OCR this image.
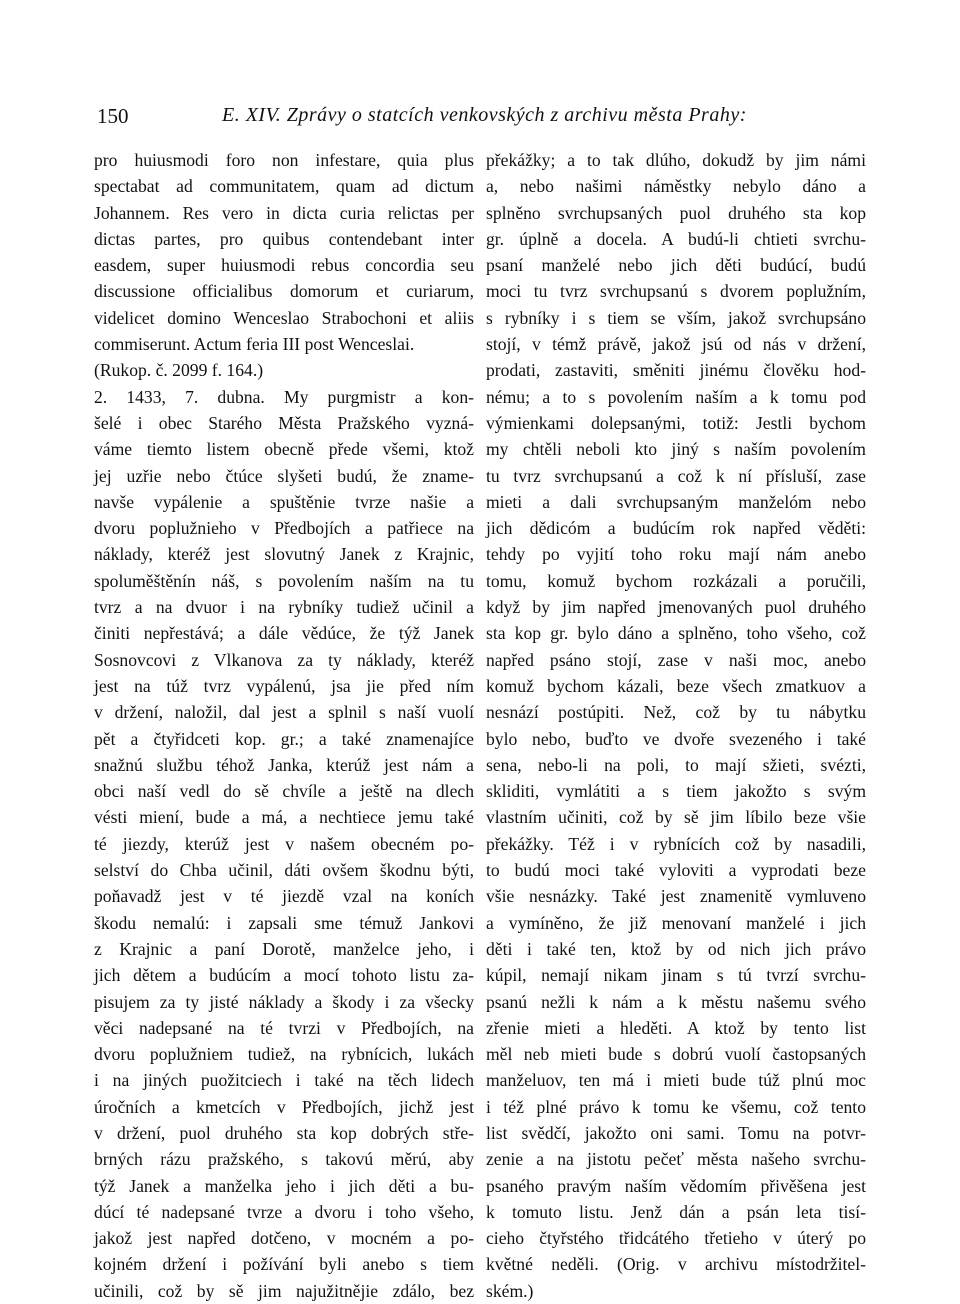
150	E. XIV. Zprávy o statcích venkovských z archivu města Prahy:
pro huiusmodi foro non infestare, quia plus
spectabat ad communitatem, quam ad dictum
Johannem. Res vero in dicta curia relictas per
dictas partes, pro quibus contendebant inter
easdem, super huiusmodi rebus concordia seu
discussione officialibus domorum et curiarum,
videlicet domino Wenceslao Strabochoni et aliis
commiserunt. Actum feria III post Wenceslai.
(Rukop. č. 2099 f. 164.)
2. 1433, 7. dubna. My purgmistr a kon-
šelé i obec Starého Města Pražského vyzná-
váme tiemto listem obecně přede všemi, ktož
jej uzřie nebo čtúce slyšeti budú, že zname-
navše vypálenie a spuštěnie tvrze našie a
dvoru poplužnieho v Předbojích a patřiece na
náklady, kteréž jest slovutný Janek z Krajnic,
spoluměštěnín náš, s povolením naším na tu
tvrz a na dvuor i na rybníky tudiež učinil a
činiti nepřestává; a dále vědúce, že týž Janek
Sosnovcovi z Vlkanova za ty náklady, kteréž
jest na túž tvrz vypálenú, jsa jie před ním
v držení, naložil, dal jest a splnil s naší vuolí
pět a čtyřidceti kop. gr.; a také znamenajíce
snažnú službu téhož Janka, kterúž jest nám a
obci naší vedl do sě chvíle a ještě na dlech
vésti miení, bude a má, a nechtiece jemu také
té jiezdy, kterúž jest v našem obecném po-
selství do Chba učinil, dáti ovšem škodnu býti,
poňavadž jest v té jiezdě vzal na koních
škodu nemalú: i zapsali sme témuž Jankovi
z Krajnic a paní Dorotě, manželce jeho, i
jich dětem a budúcím a mocí tohoto listu za-
pisujem za ty jisté náklady a škody i za všecky
věci nadepsané na té tvrzi v Předbojích, na
dvoru poplužniem tudiež, na rybnícich, lukách
i na jiných puožitciech i také na těch lidech
úročních a kmetcích v Předbojích, jichž jest
v držení, puol druhého sta kop dobrých stře-
brných rázu pražského, s takovú měrú, aby
týž Janek a manželka jeho i jich děti a bu-
dúcí té nadepsané tvrze a dvoru i toho všeho,
jakož jest napřed dotčeno, v mocném a po-
kojném držení i požívání byli anebo s tiem
učinili, což by sě jim najužitnějie zdálo, bez
překážky; a to tak dlúho, dokudž by jim námi
a, nebo našimi náměstky nebylo dáno a
splněno svrchupsaných puol druhého sta kop
gr. úplně a docela. A budú-li chtieti svrchu-
psaní manželé nebo jich děti budúcí, budú
moci tu tvrz svrchupsanú s dvorem poplužním,
s rybníky i s tiem se vším, jakož svrchupsáno
stojí, v témž právě, jakož jsú od nás v držení,
prodati, zastaviti, směniti jinému člověku hod-
nému; a to s povolením naším a k tomu pod
výmienkami dolepsanými, totiž: Jestli bychom
my chtěli neboli kto jiný s naším povolením
tu tvrz svrchupsanú a což k ní přísluší, zase
mieti a dali svrchupsaným manželóm nebo
jich dědicóm a budúcím rok napřed věděti:
tehdy po vyjití toho roku mají nám anebo
tomu, komuž bychom rozkázali a poručili,
když by jim napřed jmenovaných puol druhého
sta kop gr. bylo dáno a splněno, toho všeho, což
napřed psáno stojí, zase v naši moc, anebo
komuž bychom kázali, beze všech zmatkuov a
nesnází postúpiti. Než, což by tu nábytku
bylo nebo, buďto ve dvoře svezeného i také
sena, nebo-li na poli, to mají sžieti, svézti,
skliditi, vymlátiti a s tiem jakožto s svým
vlastním učiniti, což by sě jim líbilo beze všie
překážky. Též i v rybnících což by nasadili,
to budú moci také vyloviti a vyprodati beze
všie nesnázky. Také jest znamenitě vymluveno
a vymíněno, že již menovaní manželé i jich
děti i také ten, ktož by od nich jich právo
kúpil, nemají nikam jinam s tú tvrzí svrchu-
psanú nežli k nám a k městu našemu svého
zřenie mieti a hleděti. A ktož by tento list
měl neb mieti bude s dobrú vuolí častopsaných
manželuov, ten má i mieti bude túž plnú moc
i též plné právo k tomu ke všemu, což tento
list svědčí, jakožto oni sami. Tomu na potvr-
zenie a na jistotu pečeť města našeho svrchu-
psaného pravým naším vědomím přivěšena jest
k tomuto listu. Jenž dán a psán leta tisí-
cieho čtyřstého třidcátého třetieho v úterý po
květné neděli. (Orig. v archivu místodržitel-
ském.)
